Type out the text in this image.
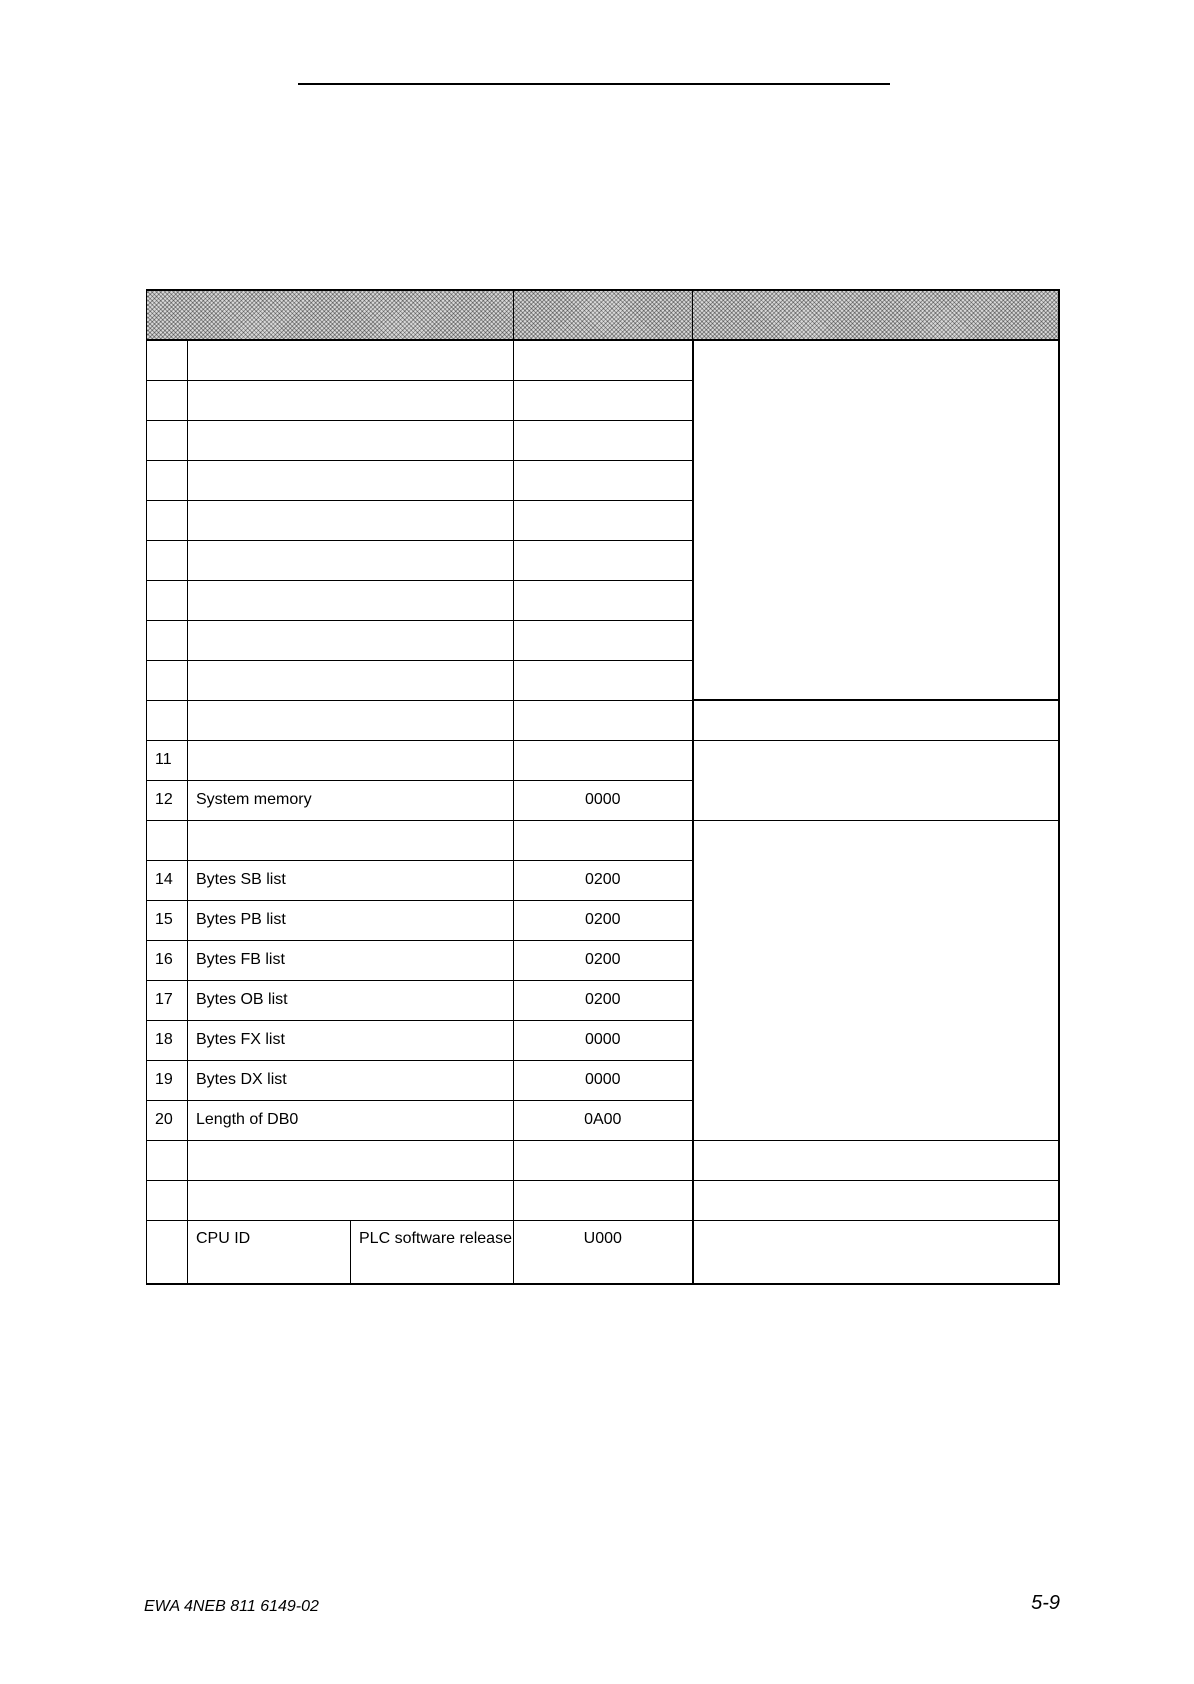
11				
12	System memory		0000	

14	Bytes SB list		0200	
15	Bytes PB list		0200	
16	Bytes FB list		0200	
17	Bytes OB list		0200	
18	Bytes FX list		0000	
19	Bytes DX list		0000	
20	Length of DB0		0A00	

	CPU ID	PLC software release	U000	
EWA 4NEB 811 6149-02	5-9
